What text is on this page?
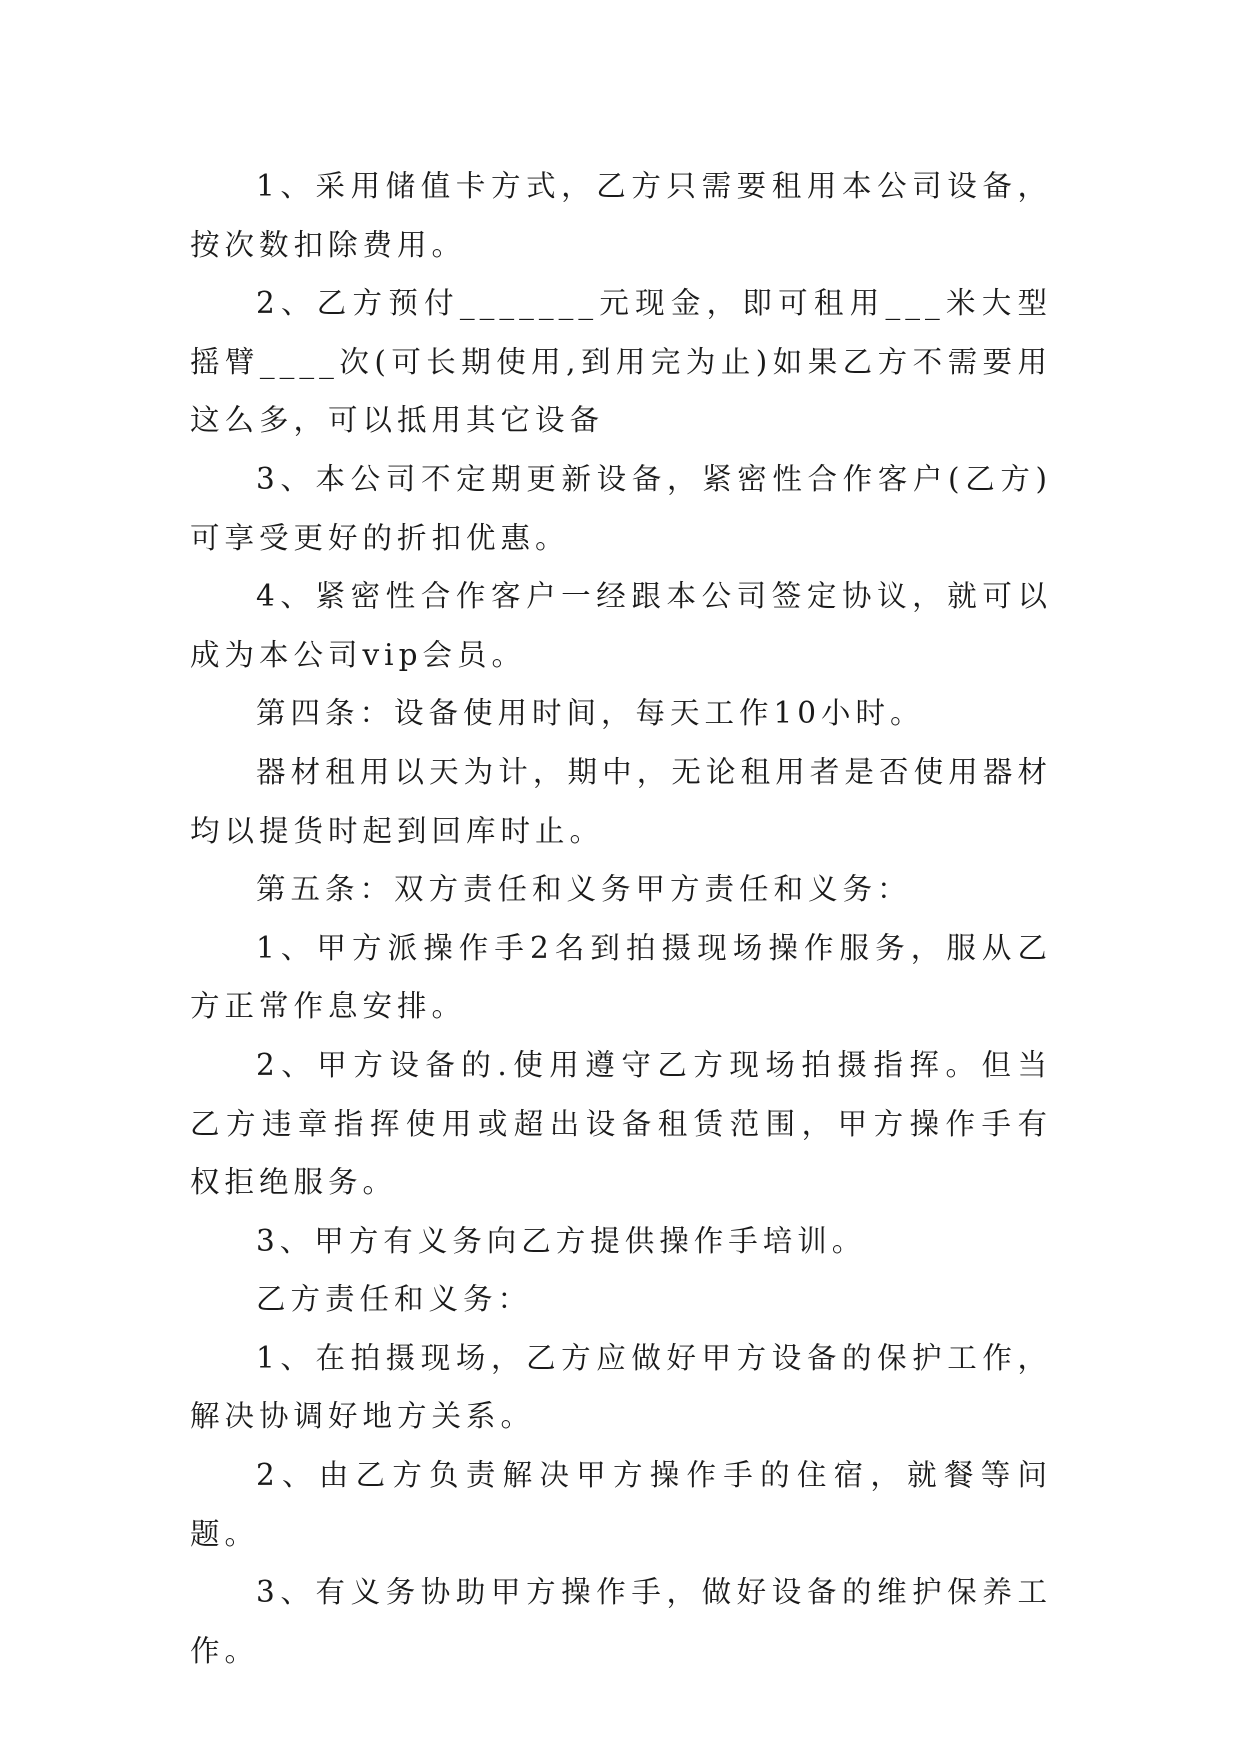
1、采用储值卡方式，乙方只需要租用本公司设备，按次数扣除费用。

2、乙方预付_______元现金，即可租用___米大型摇臂____次(可长期使用,到用完为止)如果乙方不需要用这么多，可以抵用其它设备

3、本公司不定期更新设备，紧密性合作客户(乙方)可享受更好的折扣优惠。

4、紧密性合作客户一经跟本公司签定协议，就可以成为本公司vip会员。

第四条：设备使用时间，每天工作10小时。

器材租用以天为计，期中，无论租用者是否使用器材均以提货时起到回库时止。

第五条：双方责任和义务甲方责任和义务：

1、甲方派操作手2名到拍摄现场操作服务，服从乙方正常作息安排。

2、甲方设备的.使用遵守乙方现场拍摄指挥。但当乙方违章指挥使用或超出设备租赁范围，甲方操作手有权拒绝服务。

3、甲方有义务向乙方提供操作手培训。

乙方责任和义务：

1、在拍摄现场，乙方应做好甲方设备的保护工作，解决协调好地方关系。

2、由乙方负责解决甲方操作手的住宿，就餐等问题。

3、有义务协助甲方操作手，做好设备的维护保养工作。
